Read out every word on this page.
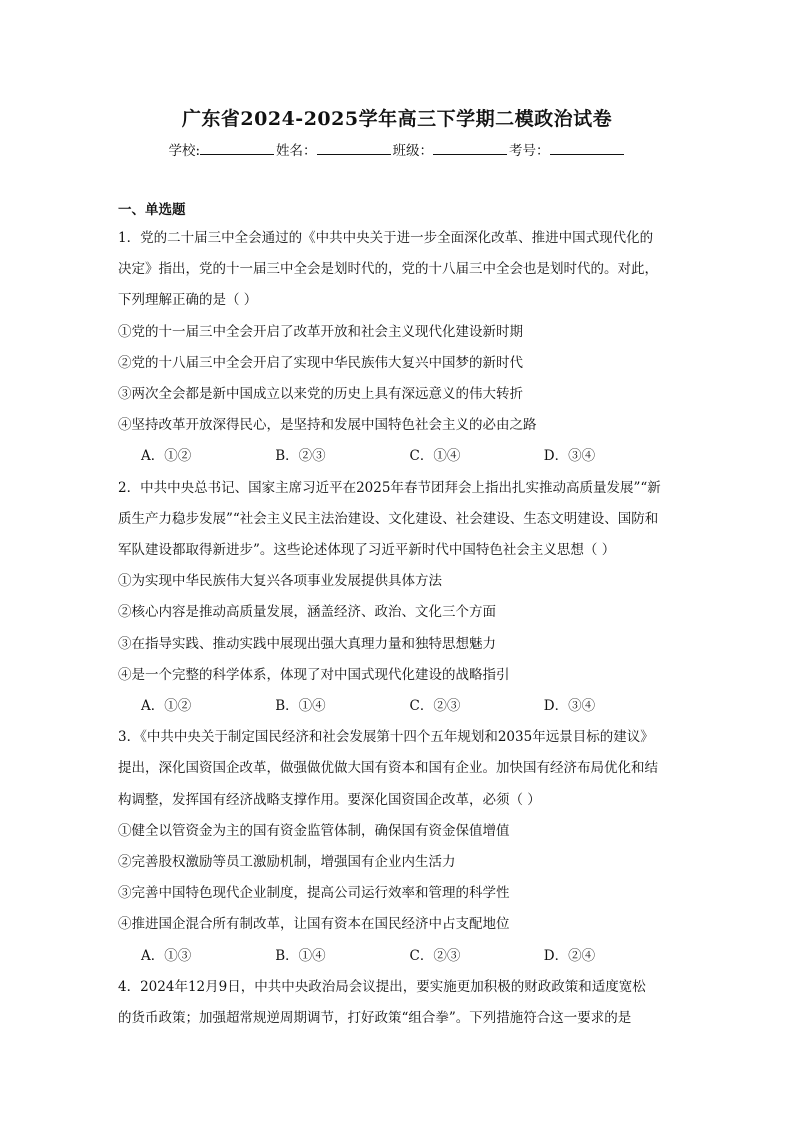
广东省2024-2025学年高三下学期二模政治试卷
学校:	姓名：	班级：	考号：
一、单选题
1．党的二十届三中全会通过的《中共中央关于进一步全面深化改革、推进中国式现代化的
决定》指出，党的十一届三中全会是划时代的，党的十八届三中全会也是划时代的。对此，
下列理解正确的是（ ）
①党的十一届三中全会开启了改革开放和社会主义现代化建设新时期
②党的十八届三中全会开启了实现中华民族伟大复兴中国梦的新时代
③两次全会都是新中国成立以来党的历史上具有深远意义的伟大转折
④坚持改革开放深得民心，是坚持和发展中国特色社会主义的必由之路
A．①②	B．②③	C．①④	D．③④
2．中共中央总书记、国家主席习近平在2025年春节团拜会上指出扎实推动高质量发展”“新
质生产力稳步发展”“社会主义民主法治建设、文化建设、社会建设、生态文明建设、国防和
军队建设都取得新进步”。这些论述体现了习近平新时代中国特色社会主义思想（ ）
①为实现中华民族伟大复兴各项事业发展提供具体方法
②核心内容是推动高质量发展，涵盖经济、政治、文化三个方面
③在指导实践、推动实践中展现出强大真理力量和独特思想魅力
④是一个完整的科学体系，体现了对中国式现代化建设的战略指引
A．①②	B．①④	C．②③	D．③④
3．《中共中央关于制定国民经济和社会发展第十四个五年规划和2035年远景目标的建议》
提出，深化国资国企改革，做强做优做大国有资本和国有企业。加快国有经济布局优化和结
构调整，发挥国有经济战略支撑作用。要深化国资国企改革，必须（ ）
①健全以管资金为主的国有资金监管体制，确保国有资金保值增值
②完善股权激励等员工激励机制，增强国有企业内生活力
③完善中国特色现代企业制度，提高公司运行效率和管理的科学性
④推进国企混合所有制改革，让国有资本在国民经济中占支配地位
A．①③	B．①④	C．②③	D．②④
4．2024年12月9日，中共中央政治局会议提出，要实施更加积极的财政政策和适度宽松
的货币政策；加强超常规逆周期调节，打好政策“组合拳”。下列措施符合这一要求的是
